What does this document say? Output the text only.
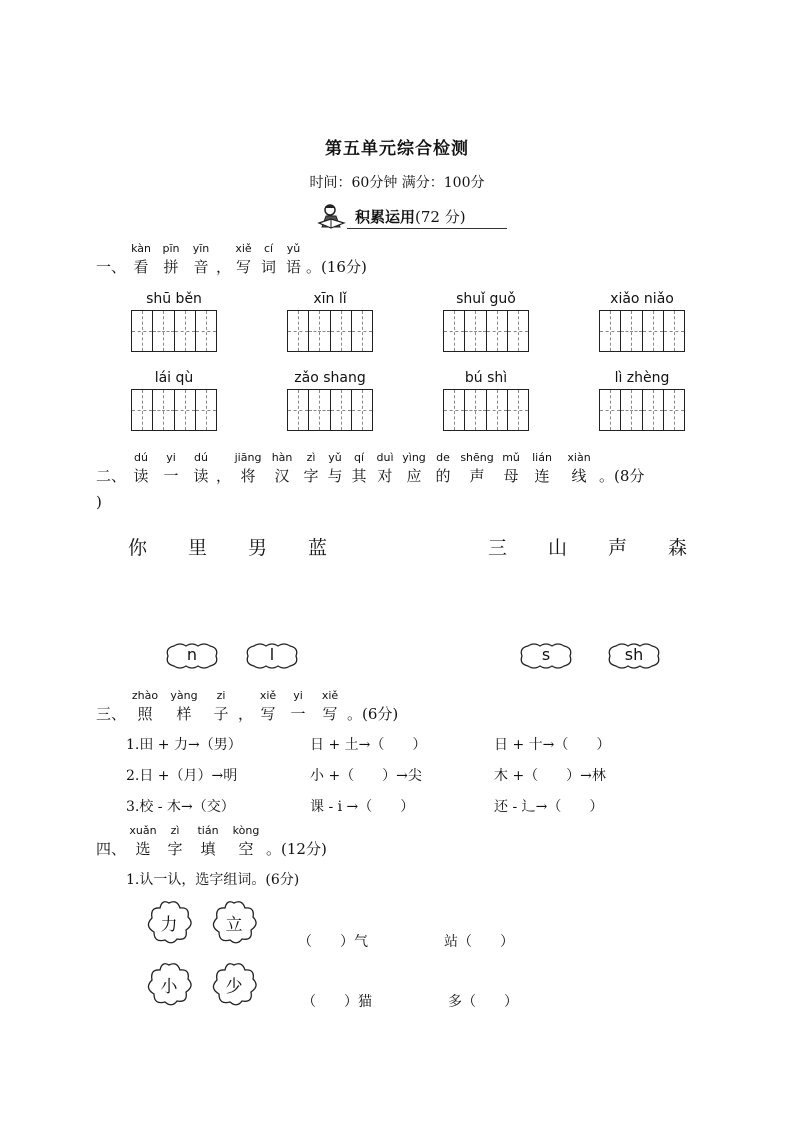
第五单元综合检测
时间：60分钟 满分：100分
积累运用(72 分)
一、
kàn
看
pīn
拼
yīn
音 ，
xiě
写
cí
词
yǔ
语 。(16分)
shū běn	xīn lǐ	shuǐ guǒ	xiǎo niǎo
lái qù	zǎo shang	bú shì	lì zhèng
二、
dú
读
yi
一
dú
读 ，
jiāng
将
hàn
汉
zì
字
yǔ
与
qí
其
duì
对
yìng
应
de
的
shēng
声
mǔ
母
lián
连
xiàn
线 。(8分
)
你 里 男 蓝	三 山 声 森
n	l	s	sh
三、
zhào
照
yàng
样
zi
子 ，
xiě
写
yi
一
xiě
写 。(6分)
1.田 + 力→（男）	日 + 土→（　　）	日 + 十→（　　）
2.日 +（月）→明	小 +（　　）→尖	木 +（　　）→林
3.校 - 木→（交）	课 - i →（　　）	还 - 辶→（　　）
四、
xuǎn
选
zì
字
tián
填
kòng
空 。(12分)
1.认一认，选字组词。(6分)
力	立
小	少
（　　）气	站（　　）
（　　）猫	多（　　）
